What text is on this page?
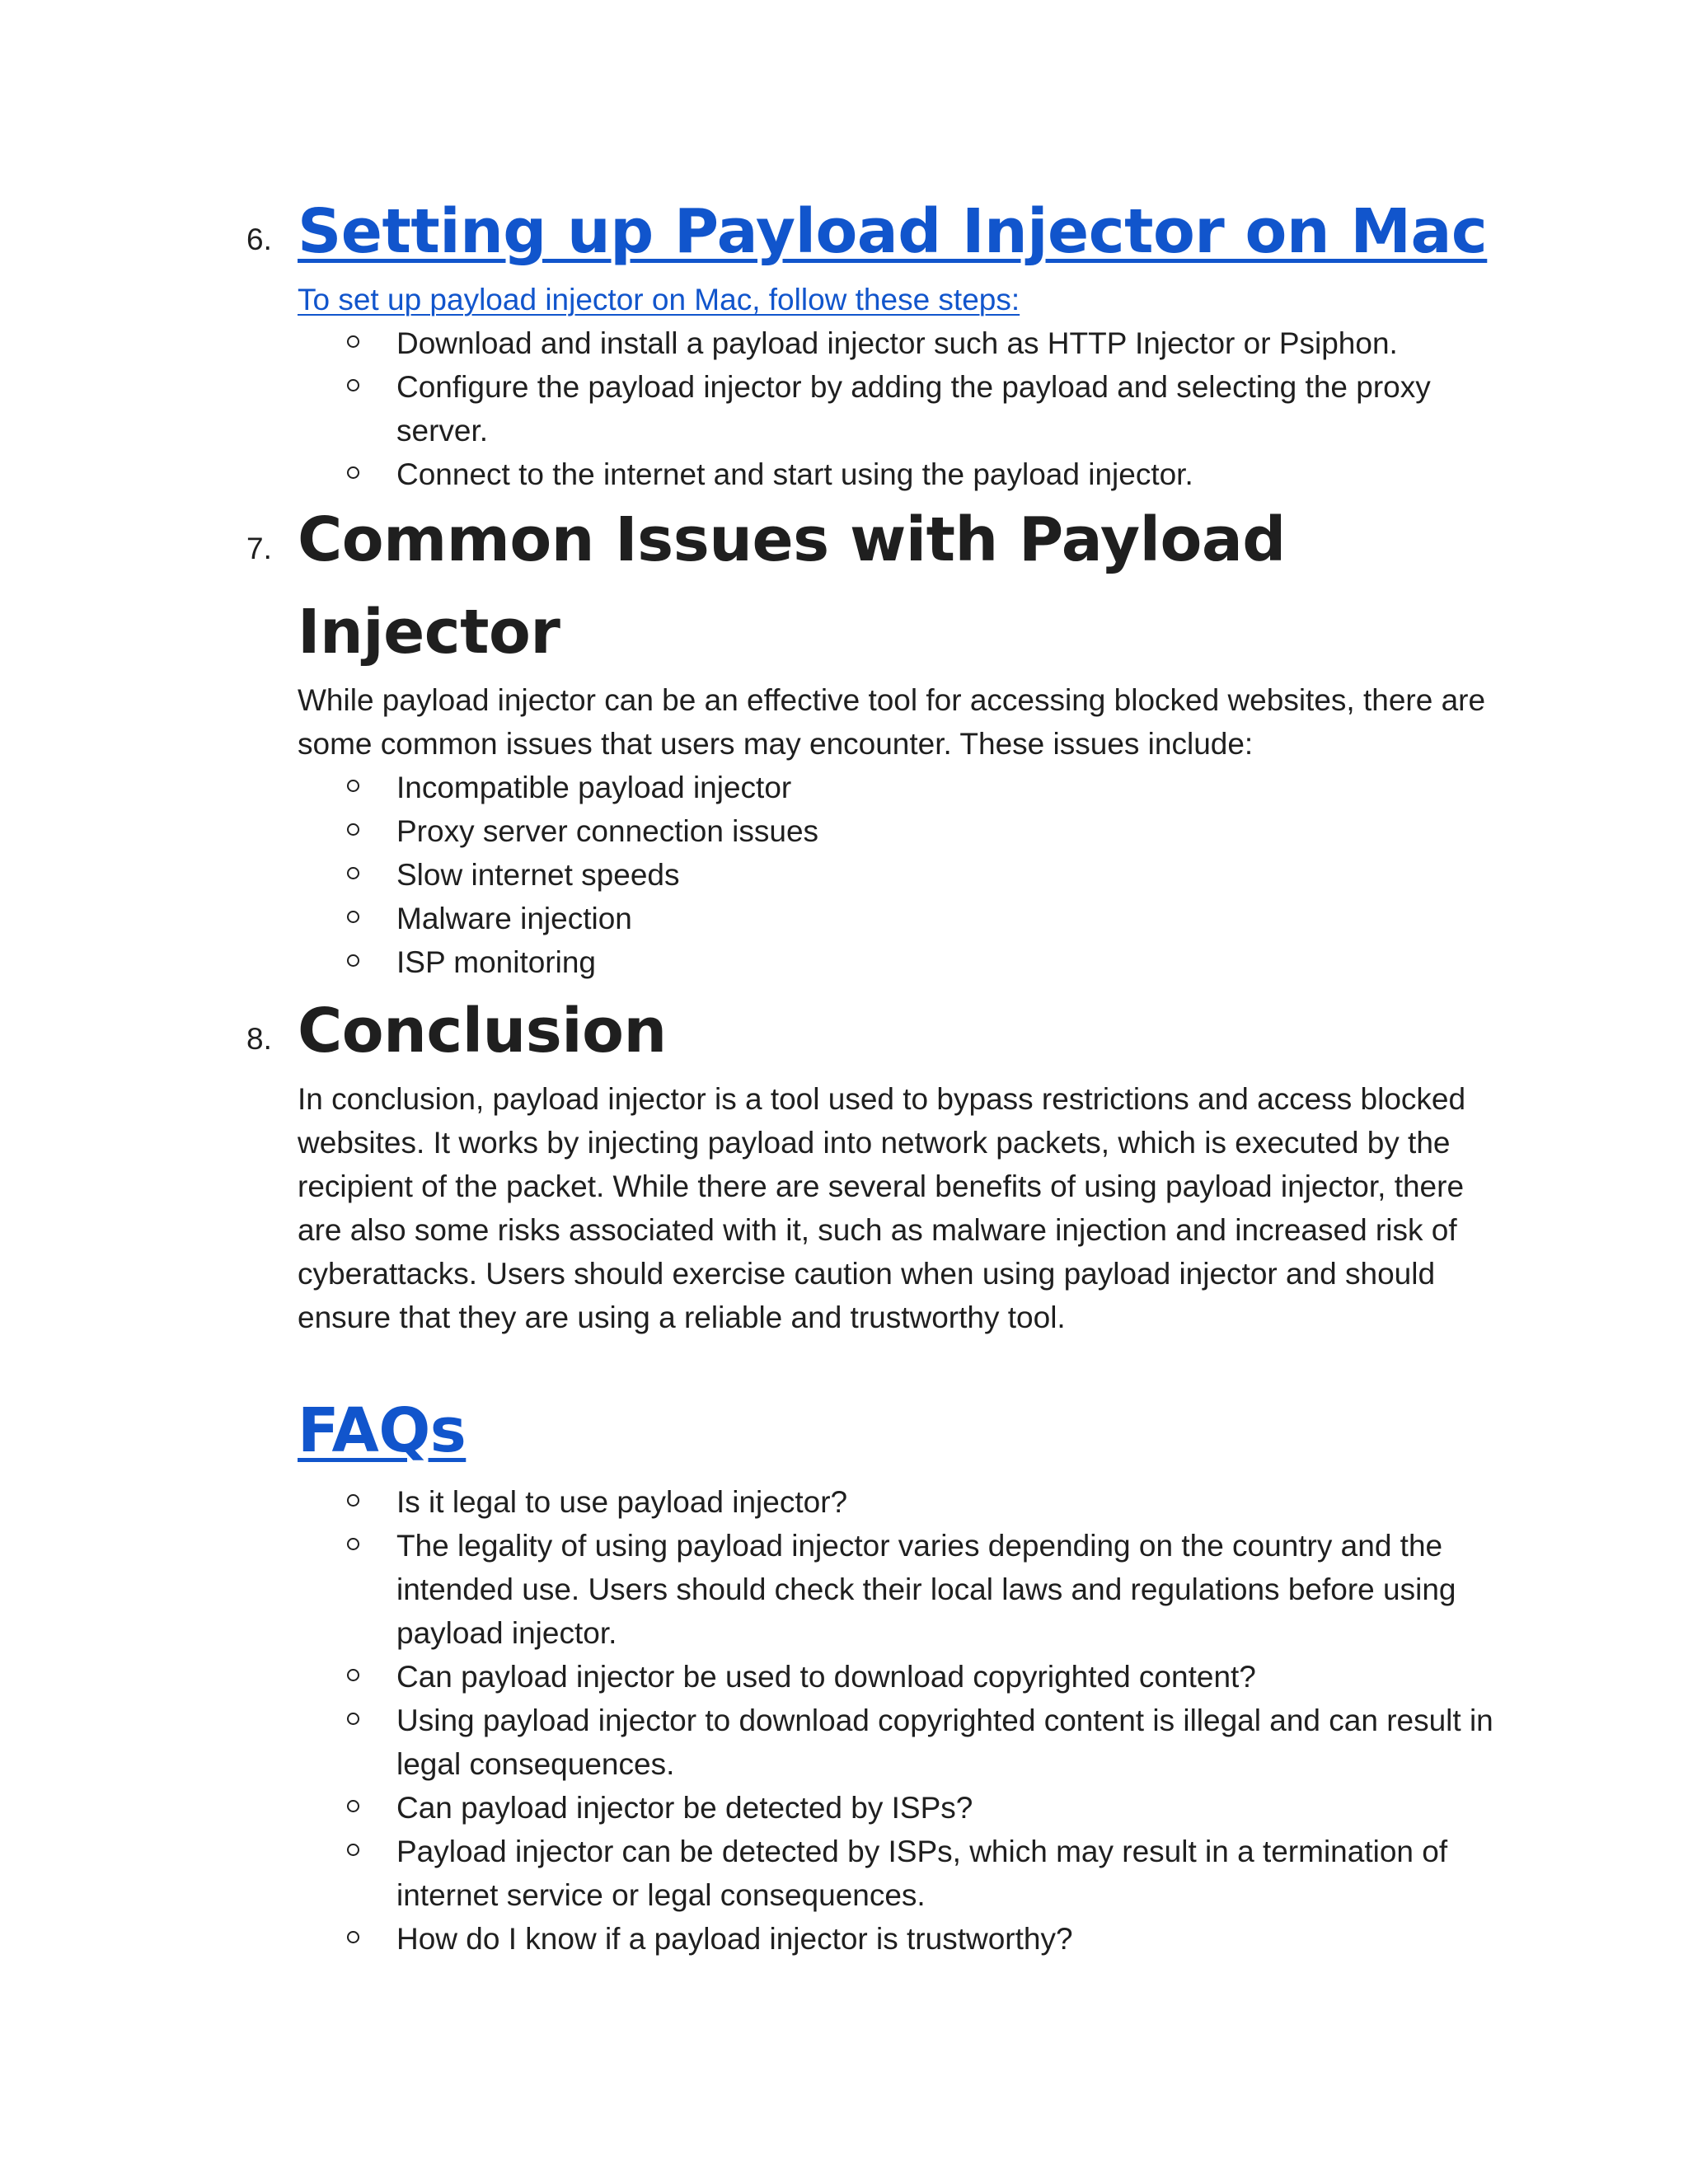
6. Setting up Payload Injector on Mac
To set up payload injector on Mac, follow these steps:
Download and install a payload injector such as HTTP Injector or Psiphon.
Configure the payload injector by adding the payload and selecting the proxy server.
Connect to the internet and start using the payload injector.
7. Common Issues with Payload Injector

While payload injector can be an effective tool for accessing blocked websites, there are some common issues that users may encounter. These issues include:

Incompatible payload injector
Proxy server connection issues
Slow internet speeds
Malware injection
ISP monitoring
8. Conclusion

In conclusion, payload injector is a tool used to bypass restrictions and access blocked websites. It works by injecting payload into network packets, which is executed by the recipient of the packet. While there are several benefits of using payload injector, there are also some risks associated with it, such as malware injection and increased risk of cyberattacks. Users should exercise caution when using payload injector and should ensure that they are using a reliable and trustworthy tool.

FAQs
Is it legal to use payload injector?
The legality of using payload injector varies depending on the country and the intended use. Users should check their local laws and regulations before using payload injector.
Can payload injector be used to download copyrighted content?
Using payload injector to download copyrighted content is illegal and can result in legal consequences.
Can payload injector be detected by ISPs?
Payload injector can be detected by ISPs, which may result in a termination of internet service or legal consequences.
How do I know if a payload injector is trustworthy?
